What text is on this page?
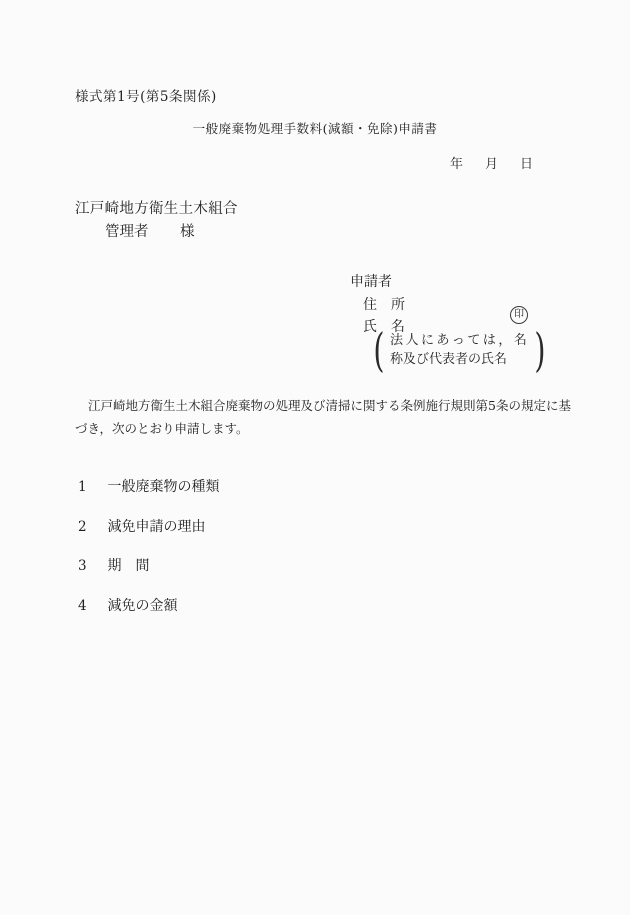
様式第1号(第5条関係)
一般廃棄物処理手数料(減額・免除)申請書
年 月 日
江戸崎地方衛生土木組合
管理者 様
申請者
住　所
氏　名
印
( 法人にあっては，名
称及び代表者の氏名 )
江戸崎地方衛生土木組合廃棄物の処理及び清掃に関する条例施行規則第5条の規定に基
づき，次のとおり申請します。
1 一般廃棄物の種類
2 減免申請の理由
3 期　間
4 減免の金額
